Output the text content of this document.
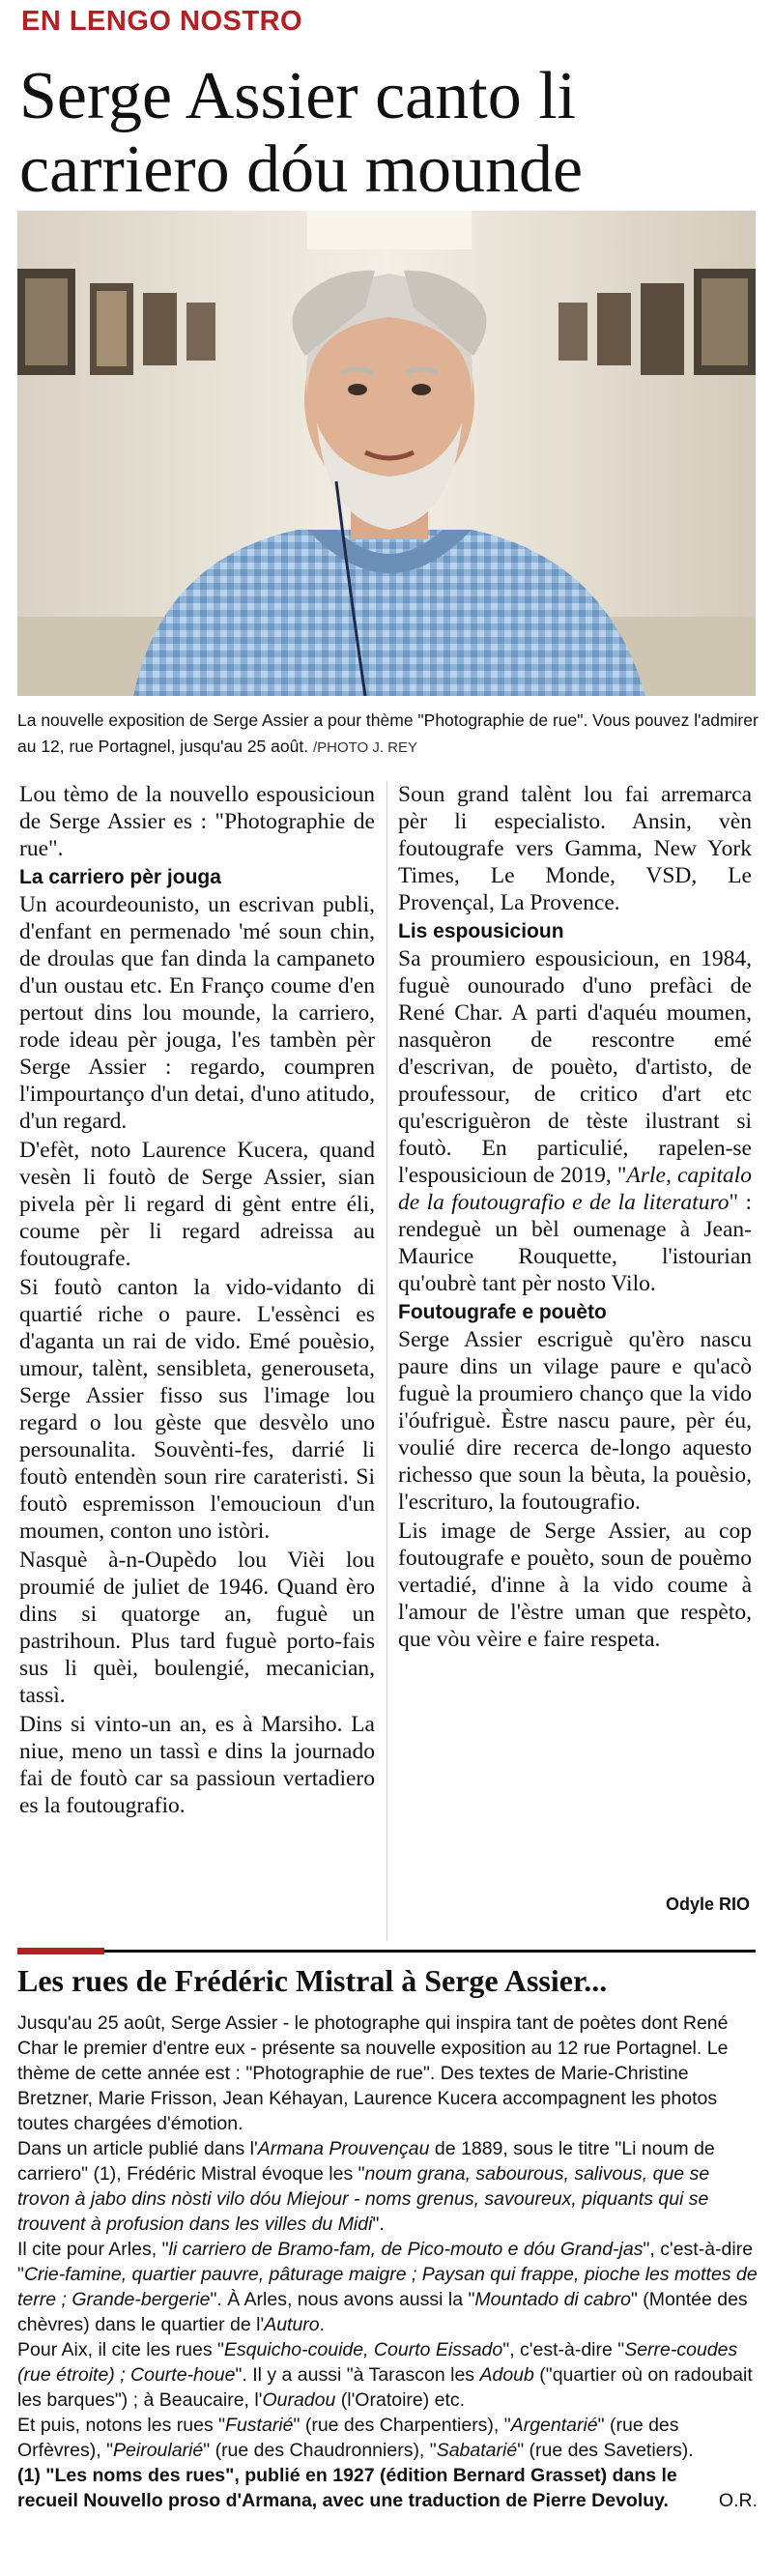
EN LENGO NOSTRO
Serge Assier canto li carriero dóu mounde
La nouvelle exposition de Serge Assier a pour thème "Photographie de rue". Vous pouvez l'admirer au 12, rue Portagnel, jusqu'au 25 août. /PHOTO J. REY

Lou tèmo de la nouvello espousicioun de Serge Assier es : "Photographie de rue".

La carriero pèr jouga

Un acourdeounisto, un escrivan publi, d'enfant en permenado 'mé soun chin, de droulas que fan dinda la campaneto d'un oustau etc. En Franço coume d'en pertout dins lou mounde, la carriero, rode ideau pèr jouga, l'es tambèn pèr Serge Assier : regardo, coumpren l'impourtanço d'un detai, d'uno atitudo, d'un regard.

D'efèt, noto Laurence Kucera, quand vesèn li foutò de Serge Assier, sian pivela pèr li regard di gènt entre éli, coume pèr li regard adreissa au foutougrafe.

Si foutò canton la vido-vidanto di quartié riche o paure. L'essènci es d'aganta un rai de vido. Emé pouèsio, umour, talènt, sensibleta, generouseta, Serge Assier fisso sus l'image lou regard o lou gèste que desvèlo uno persounalita. Souvènti-fes, darrié li foutò entendèn soun rire carateristi. Si foutò espremisson l'emoucioun d'un moumen, conton uno istòri.

Nasquè à-n-Oupèdo lou Vièi lou proumié de juliet de 1946. Quand èro dins si quatorge an, fuguè un pastrihoun. Plus tard fuguè porto-fais sus li quèi, boulengié, mecanician, tassì.

Dins si vinto-un an, es à Marsiho. La niue, meno un tassì e dins la journado fai de foutò car sa passioun vertadiero es la foutougrafio.

Soun grand talènt lou fai arremarca pèr li especialisto. Ansin, vèn foutougrafe vers Gamma, New York Times, Le Monde, VSD, Le Provençal, La Provence.

Lis espousicioun

Sa proumiero espousicioun, en 1984, fuguè ounourado d'uno prefàci de René Char. A parti d'aquéu moumen, nasquèron de rescontre emé d'escrivan, de pouèto, d'artisto, de proufessour, de critico d'art etc qu'escriguèron de tèste ilustrant si foutò. En particulié, rapelen-se l'espousicioun de 2019, "Arle, capitalo de la foutougrafio e de la literaturo" : rendeguè un bèl oumenage à Jean-Maurice Rouquette, l'istourian qu'oubrè tant pèr nosto Vilo.

Foutougrafe e pouèto

Serge Assier escriguè qu'èro nascu paure dins un vilage paure e qu'acò fuguè la proumiero chanço que la vido i'óufriguè. Èstre nascu paure, pèr éu, voulié dire recerca de-longo aquesto richesso que soun la bèuta, la pouèsio, l'escrituro, la foutougrafio.

Lis image de Serge Assier, au cop foutougrafe e pouèto, soun de pouèmo vertadié, d'inne à la vido coume à l'amour de l'èstre uman que respèto, que vòu vèire e faire respeta.

Odyle RIO
Les rues de Frédéric Mistral à Serge Assier...

Jusqu'au 25 août, Serge Assier - le photographe qui inspira tant de poètes dont René Char le premier d'entre eux - présente sa nouvelle exposition au 12 rue Portagnel. Le thème de cette année est : "Photographie de rue". Des textes de Marie-Christine Bretzner, Marie Frisson, Jean Kéhayan, Laurence Kucera accompagnent les photos toutes chargées d'émotion.

Dans un article publié dans l'Armana Prouvençau de 1889, sous le titre "Li noum de carriero" (1), Frédéric Mistral évoque les "noum grana, sabourous, salivous, que se trovon à jabo dins nòsti vilo dóu Miejour - noms grenus, savoureux, piquants qui se trouvent à profusion dans les villes du Midi".

Il cite pour Arles, "li carriero de Bramo-fam, de Pico-mouto e dóu Grand-jas", c'est-à-dire "Crie-famine, quartier pauvre, pâturage maigre ; Paysan qui frappe, pioche les mottes de terre ; Grande-bergerie". À Arles, nous avons aussi la "Mountado di cabro" (Montée des chèvres) dans le quartier de l'Auturo.

Pour Aix, il cite les rues "Esquicho-couide, Courto Eissado", c'est-à-dire "Serre-coudes (rue étroite) ; Courte-houe". Il y a aussi "à Tarascon les Adoub ("quartier où on radoubait les barques") ; à Beaucaire, l'Ouradou (l'Oratoire) etc.

Et puis, notons les rues "Fustarié" (rue des Charpentiers), "Argentarié" (rue des Orfèvres), "Peiroularié" (rue des Chaudronniers), "Sabatarié" (rue des Savetiers).

(1) "Les noms des rues", publié en 1927 (édition Bernard Grasset) dans le recueil Nouvello proso d'Armana, avec une traduction de Pierre Devoluy.	O.R.
